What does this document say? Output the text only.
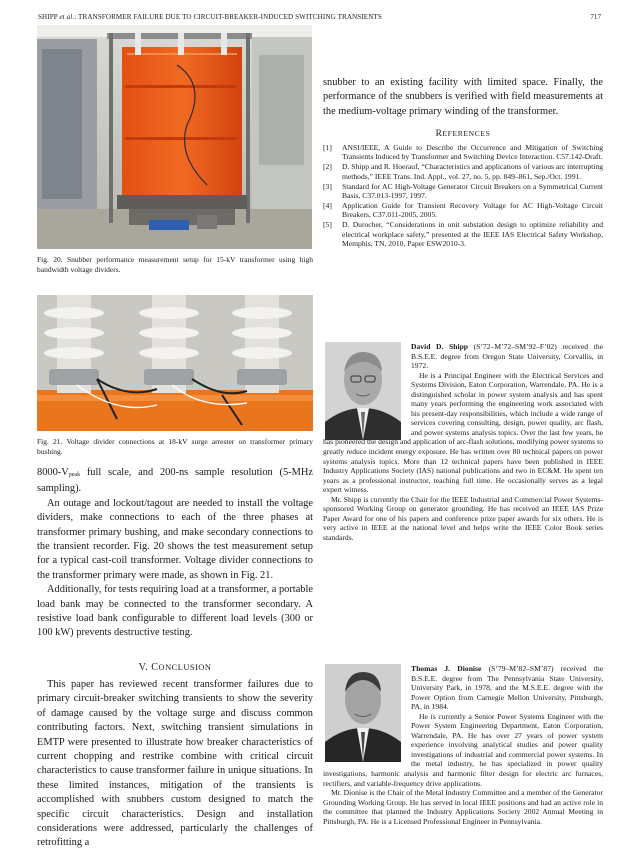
SHIPP et al.: TRANSFORMER FAILURE DUE TO CIRCUIT-BREAKER-INDUCED SWITCHING TRANSIENTS	717
Fig. 20. Snubber performance measurement setup for 15-kV transformer using high bandwidth voltage dividers.
Fig. 21. Voltage divider connections at 18-kV surge arrester on transformer primary bushing.

$8000-V_{peak}$ full scale, and 200-ns sample resolution (5-MHz sampling).

An outage and lockout/tagout are needed to install the voltage dividers, make connections to each of the three phases at transformer primary bushing, and make secondary connections to the transient recorder. Fig. 20 shows the test measurement setup for a typical cast-coil transformer. Voltage divider connections to the transformer primary were made, as shown in Fig. 21.

Additionally, for tests requiring load at a transformer, a portable load bank may be connected to the transformer secondary. A resistive load bank configurable to different load levels (300 or 100 kW) prevents destructive testing.

V. CONCLUSION

This paper has reviewed recent transformer failures due to primary circuit-breaker switching transients to show the severity of damage caused by the voltage surge and discuss common contributing factors. Next, switching transient simulations in EMTP were presented to illustrate how breaker characteristics of current chopping and restrike combine with critical circuit characteristics to cause transformer failure in unique situations. In these limited instances, mitigation of the transients is accomplished with snubbers custom designed to match the specific circuit characteristics. Design and installation considerations were addressed, particularly the challenges of retrofitting a

snubber to an existing facility with limited space. Finally, the performance of the snubbers is verified with field measurements at the medium-voltage primary winding of the transformer.

REFERENCES
[1] ANSI/IEEE, A Guide to Describe the Occurrence and Mitigation of Switching Transients Induced by Transformer and Switching Device Interaction. C57.142-Draft.
[2] D. Shipp and R. Hoerauf, “Characteristics and applications of various arc interrupting methods,” IEEE Trans. Ind. Appl., vol. 27, no. 5, pp. 849–861, Sep./Oct. 1991.
[3] Standard for AC High-Voltage Generator Circuit Breakers on a Symmetrical Current Basis, C37.013-1997, 1997.
[4] Application Guide for Transient Recovery Voltage for AC High-Voltage Circuit Breakers, C37.011-2005, 2005.
[5] D. Durocher, “Considerations in unit substation design to optimize reliability and electrical workplace safety,” presented at the IEEE IAS Electrical Safety Workshop, Memphis, TN, 2010, Paper ESW2010-3.

David D. Shipp (S’72–M’72–SM’92–F’02) received the B.S.E.E. degree from Oregon State University, Corvallis, in 1972.

He is a Principal Engineer with the Electrical Services and Systems Division, Eaton Corporation, Warrendale, PA. He is a distinguished scholar in power system analysis and has spent many years performing the engineering work associated with his present-day responsibilities, which include a wide range of services covering consulting, design, power quality, arc flash, and power systems analysis topics. Over the last few years, he has pioneered the design and application of arc-flash solutions, modifying power systems to greatly reduce incident energy exposure. He has written over 80 technical papers on power systems analysis topics. More than 12 technical papers have been published in IEEE Industry Applications Society (IAS) national publications and two in EC&M. He spent ten years as a professional instructor, teaching full time. He occasionally serves as a legal expert witness.

Mr. Shipp is currently the Chair for the IEEE Industrial and Commercial Power Systems-sponsored Working Group on generator grounding. He has received an IEEE IAS Prize Paper Award for one of his papers and conference prize paper awards for six others. He is very active in IEEE at the national level and helps write the IEEE Color Book series standards.

Thomas J. Dionise (S’79–M’82–SM’87) received the B.S.E.E. degree from The Pennsylvania State University, University Park, in 1978, and the M.S.E.E. degree with the Power Option from Carnegie Mellon University, Pittsburgh, PA, in 1984.

He is currently a Senior Power Systems Engineer with the Power System Engineering Department, Eaton Corporation, Warrendale, PA. He has over 27 years of power system experience involving analytical studies and power quality investigations of industrial and commercial power systems. In the metal industry, he has specialized in power quality investigations, harmonic analysis and harmonic filter design for electric arc furnaces, rectifiers, and variable-frequency drive applications.

Mr. Dionise is the Chair of the Metal Industry Committee and a member of the Generator Grounding Working Group. He has served in local IEEE positions and had an active role in the committee that planned the Industry Applications Society 2002 Annual Meeting in Pittsburgh, PA. He is a Licensed Professional Engineer in Pennsylvania.
